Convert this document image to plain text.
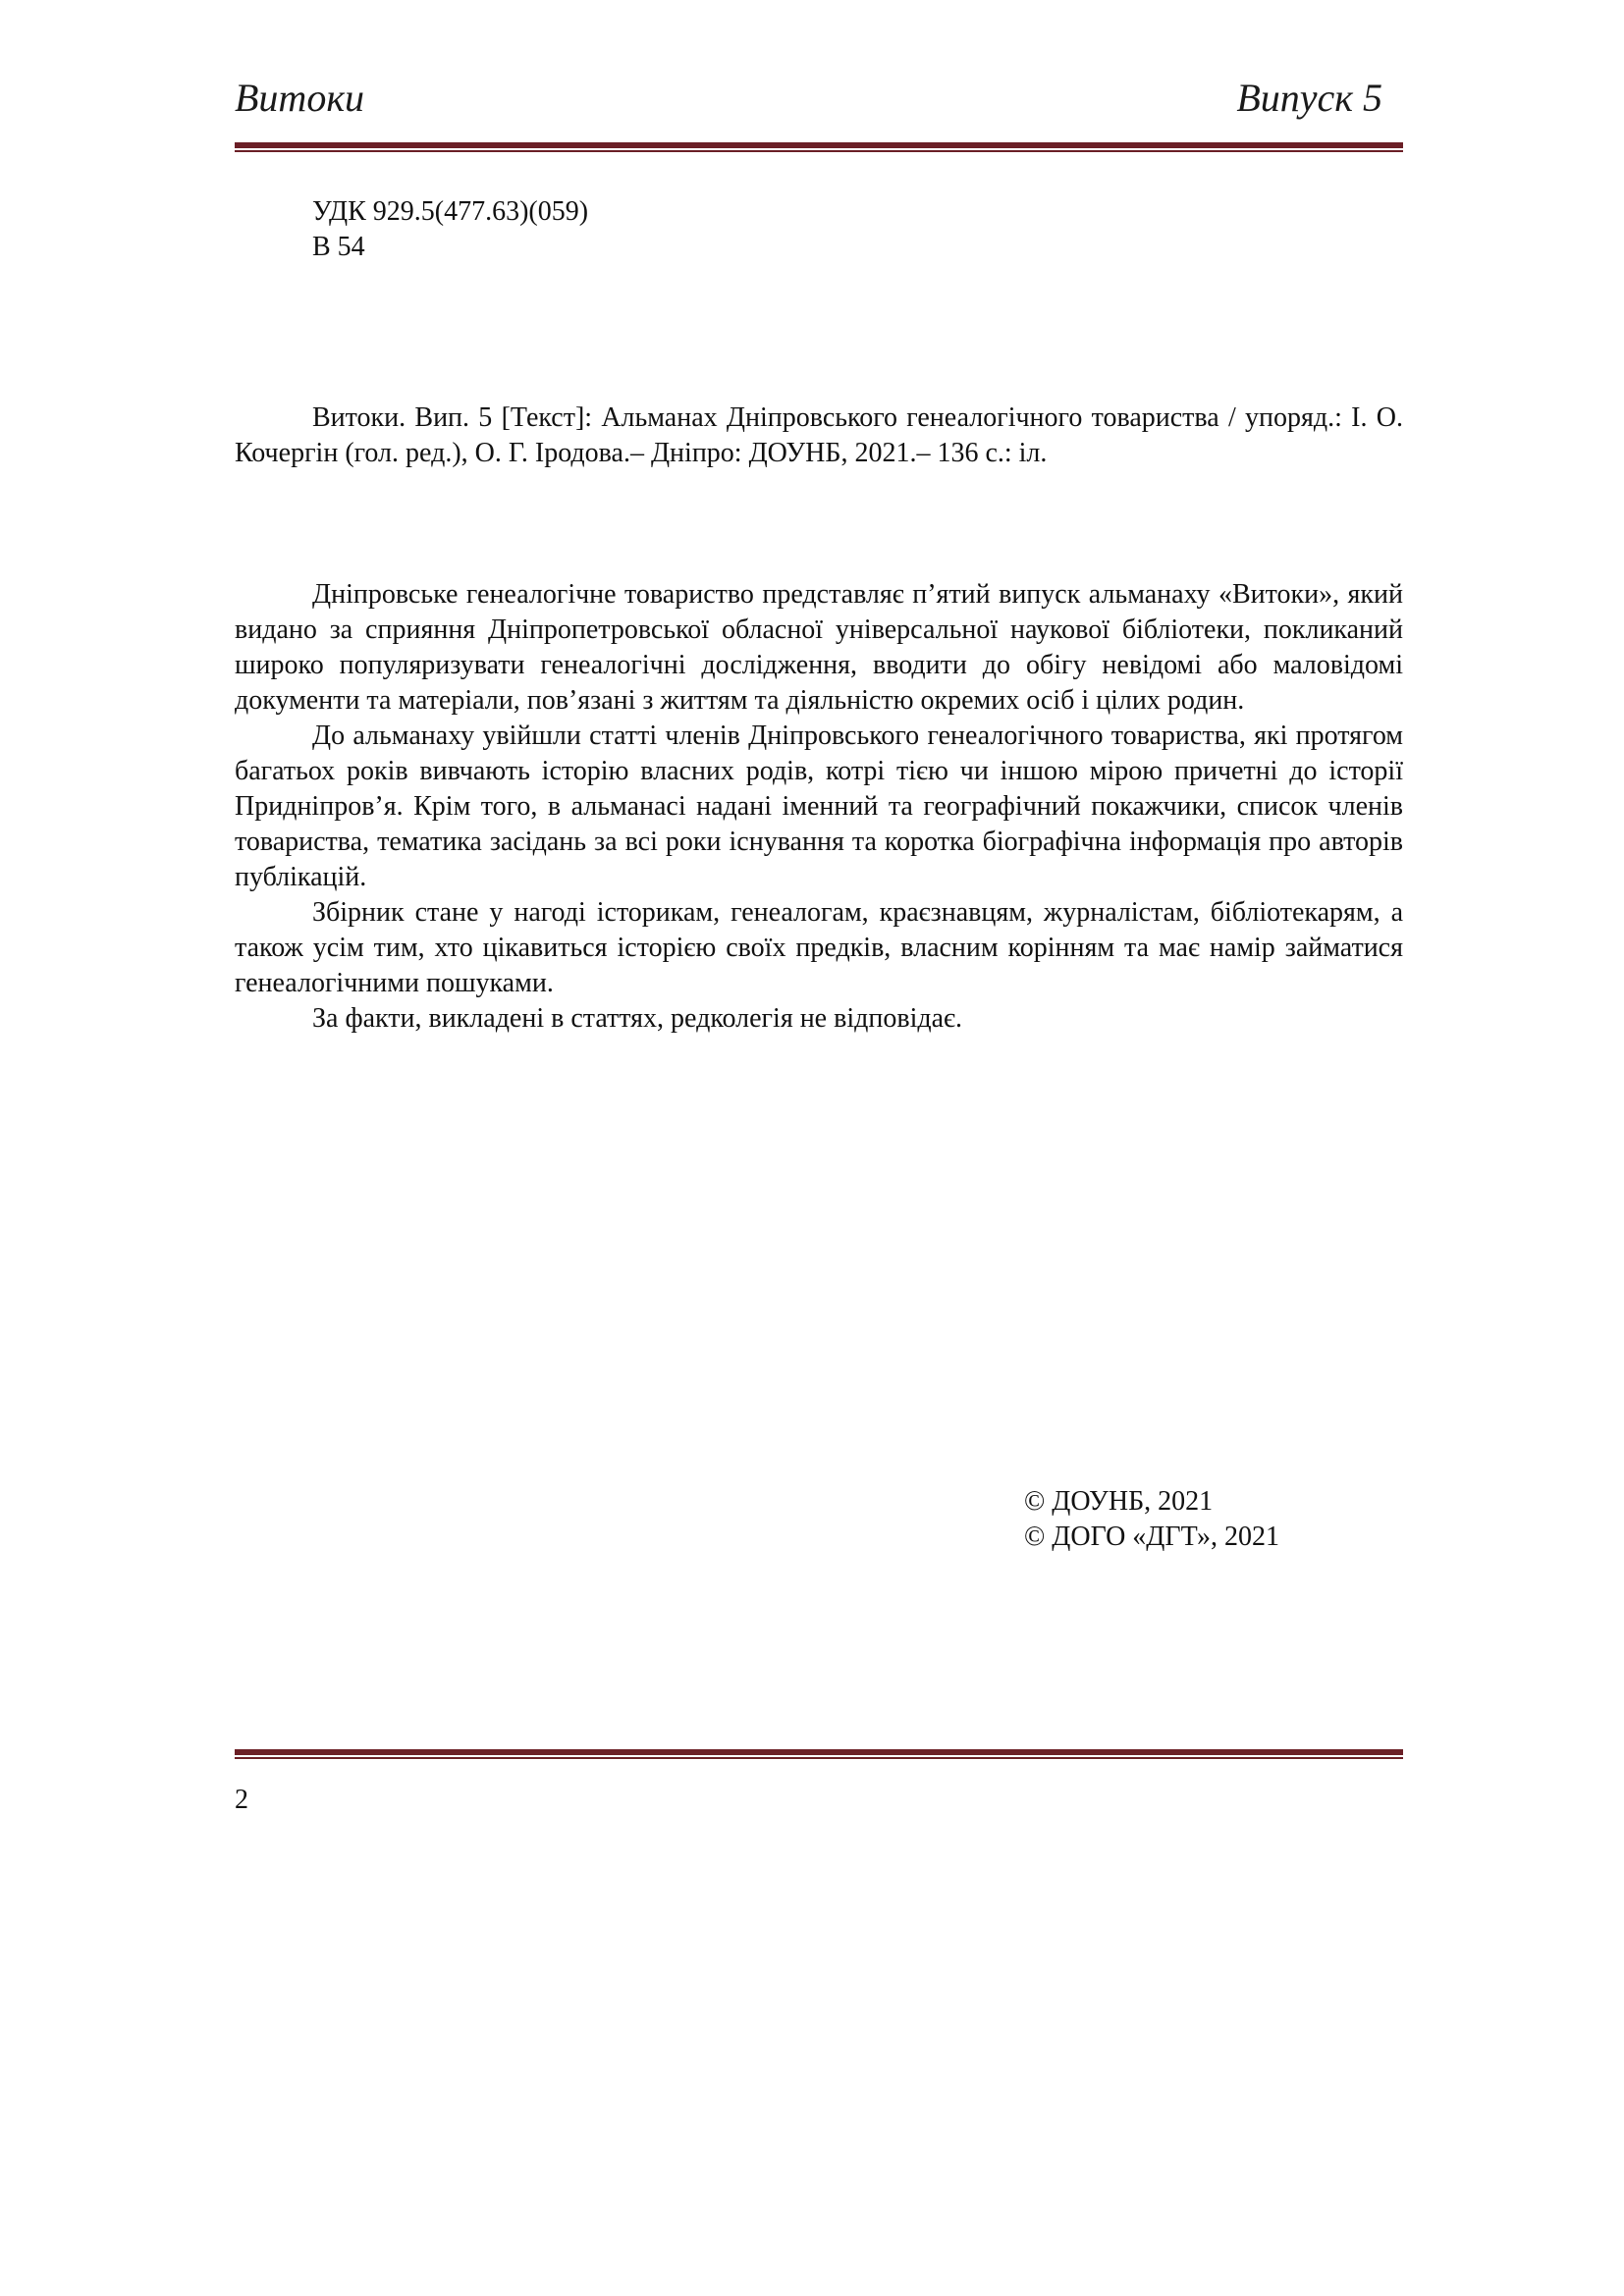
Витоки	Випуск 5
УДК 929.5(477.63)(059)
В 54

Витоки. Вип. 5 [Текст]: Альманах Дніпровського генеалогічного товариства / упоряд.: І. О. Кочергін (гол. ред.), О. Г. Іродова.– Дніпро: ДОУНБ, 2021.– 136 с.: іл.

Дніпровське генеалогічне товариство представляє п’ятий випуск альманаху «Витоки», який видано за сприяння Дніпропетровської обласної універсальної наукової бібліотеки, покликаний широко популяризувати генеалогічні дослідження, вводити до обігу невідомі або маловідомі документи та матеріали, пов’язані з життям та діяльністю окремих осіб і цілих родин.

До альманаху увійшли статті членів Дніпровського генеалогічного товариства, які протягом багатьох років вивчають історію власних родів, котрі тією чи іншою мірою причетні до історії Придніпров’я. Крім того, в альманасі надані іменний та географічний покажчики, список членів товариства, тематика засідань за всі роки існування та коротка біографічна інформація про авторів публікацій.

Збірник стане у нагоді історикам, генеалогам, краєзнавцям, журналістам, бібліотекарям, а також усім тим, хто цікавиться історією своїх предків, власним корінням та має намір займатися генеалогічними пошуками.

За факти, викладені в статтях, редколегія не відповідає.

© ДОУНБ, 2021
© ДОГО «ДГТ», 2021
2
